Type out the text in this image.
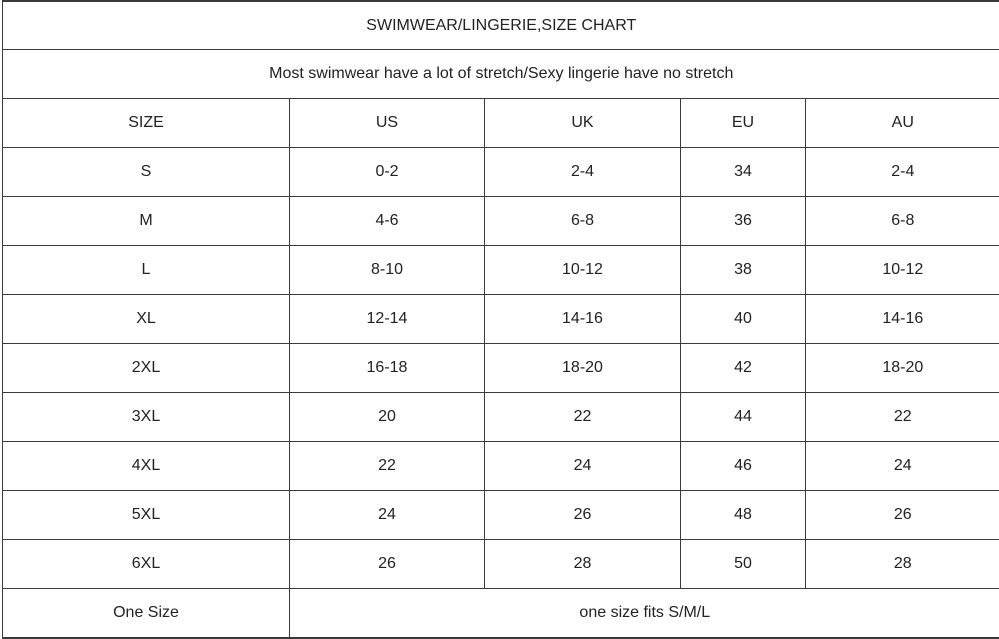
SWIMWEAR/LINGERIE,SIZE CHART				
Most swimwear have a lot of stretch/Sexy lingerie have no stretch				
SIZE	US	UK	EU	AU
S	0-2	2-4	34	2-4
M	4-6	6-8	36	6-8
L	8-10	10-12	38	10-12
XL	12-14	14-16	40	14-16
2XL	16-18	18-20	42	18-20
3XL	20	22	44	22
4XL	22	24	46	24
5XL	24	26	48	26
6XL	26	28	50	28
One Size	one size fits S/M/L			
